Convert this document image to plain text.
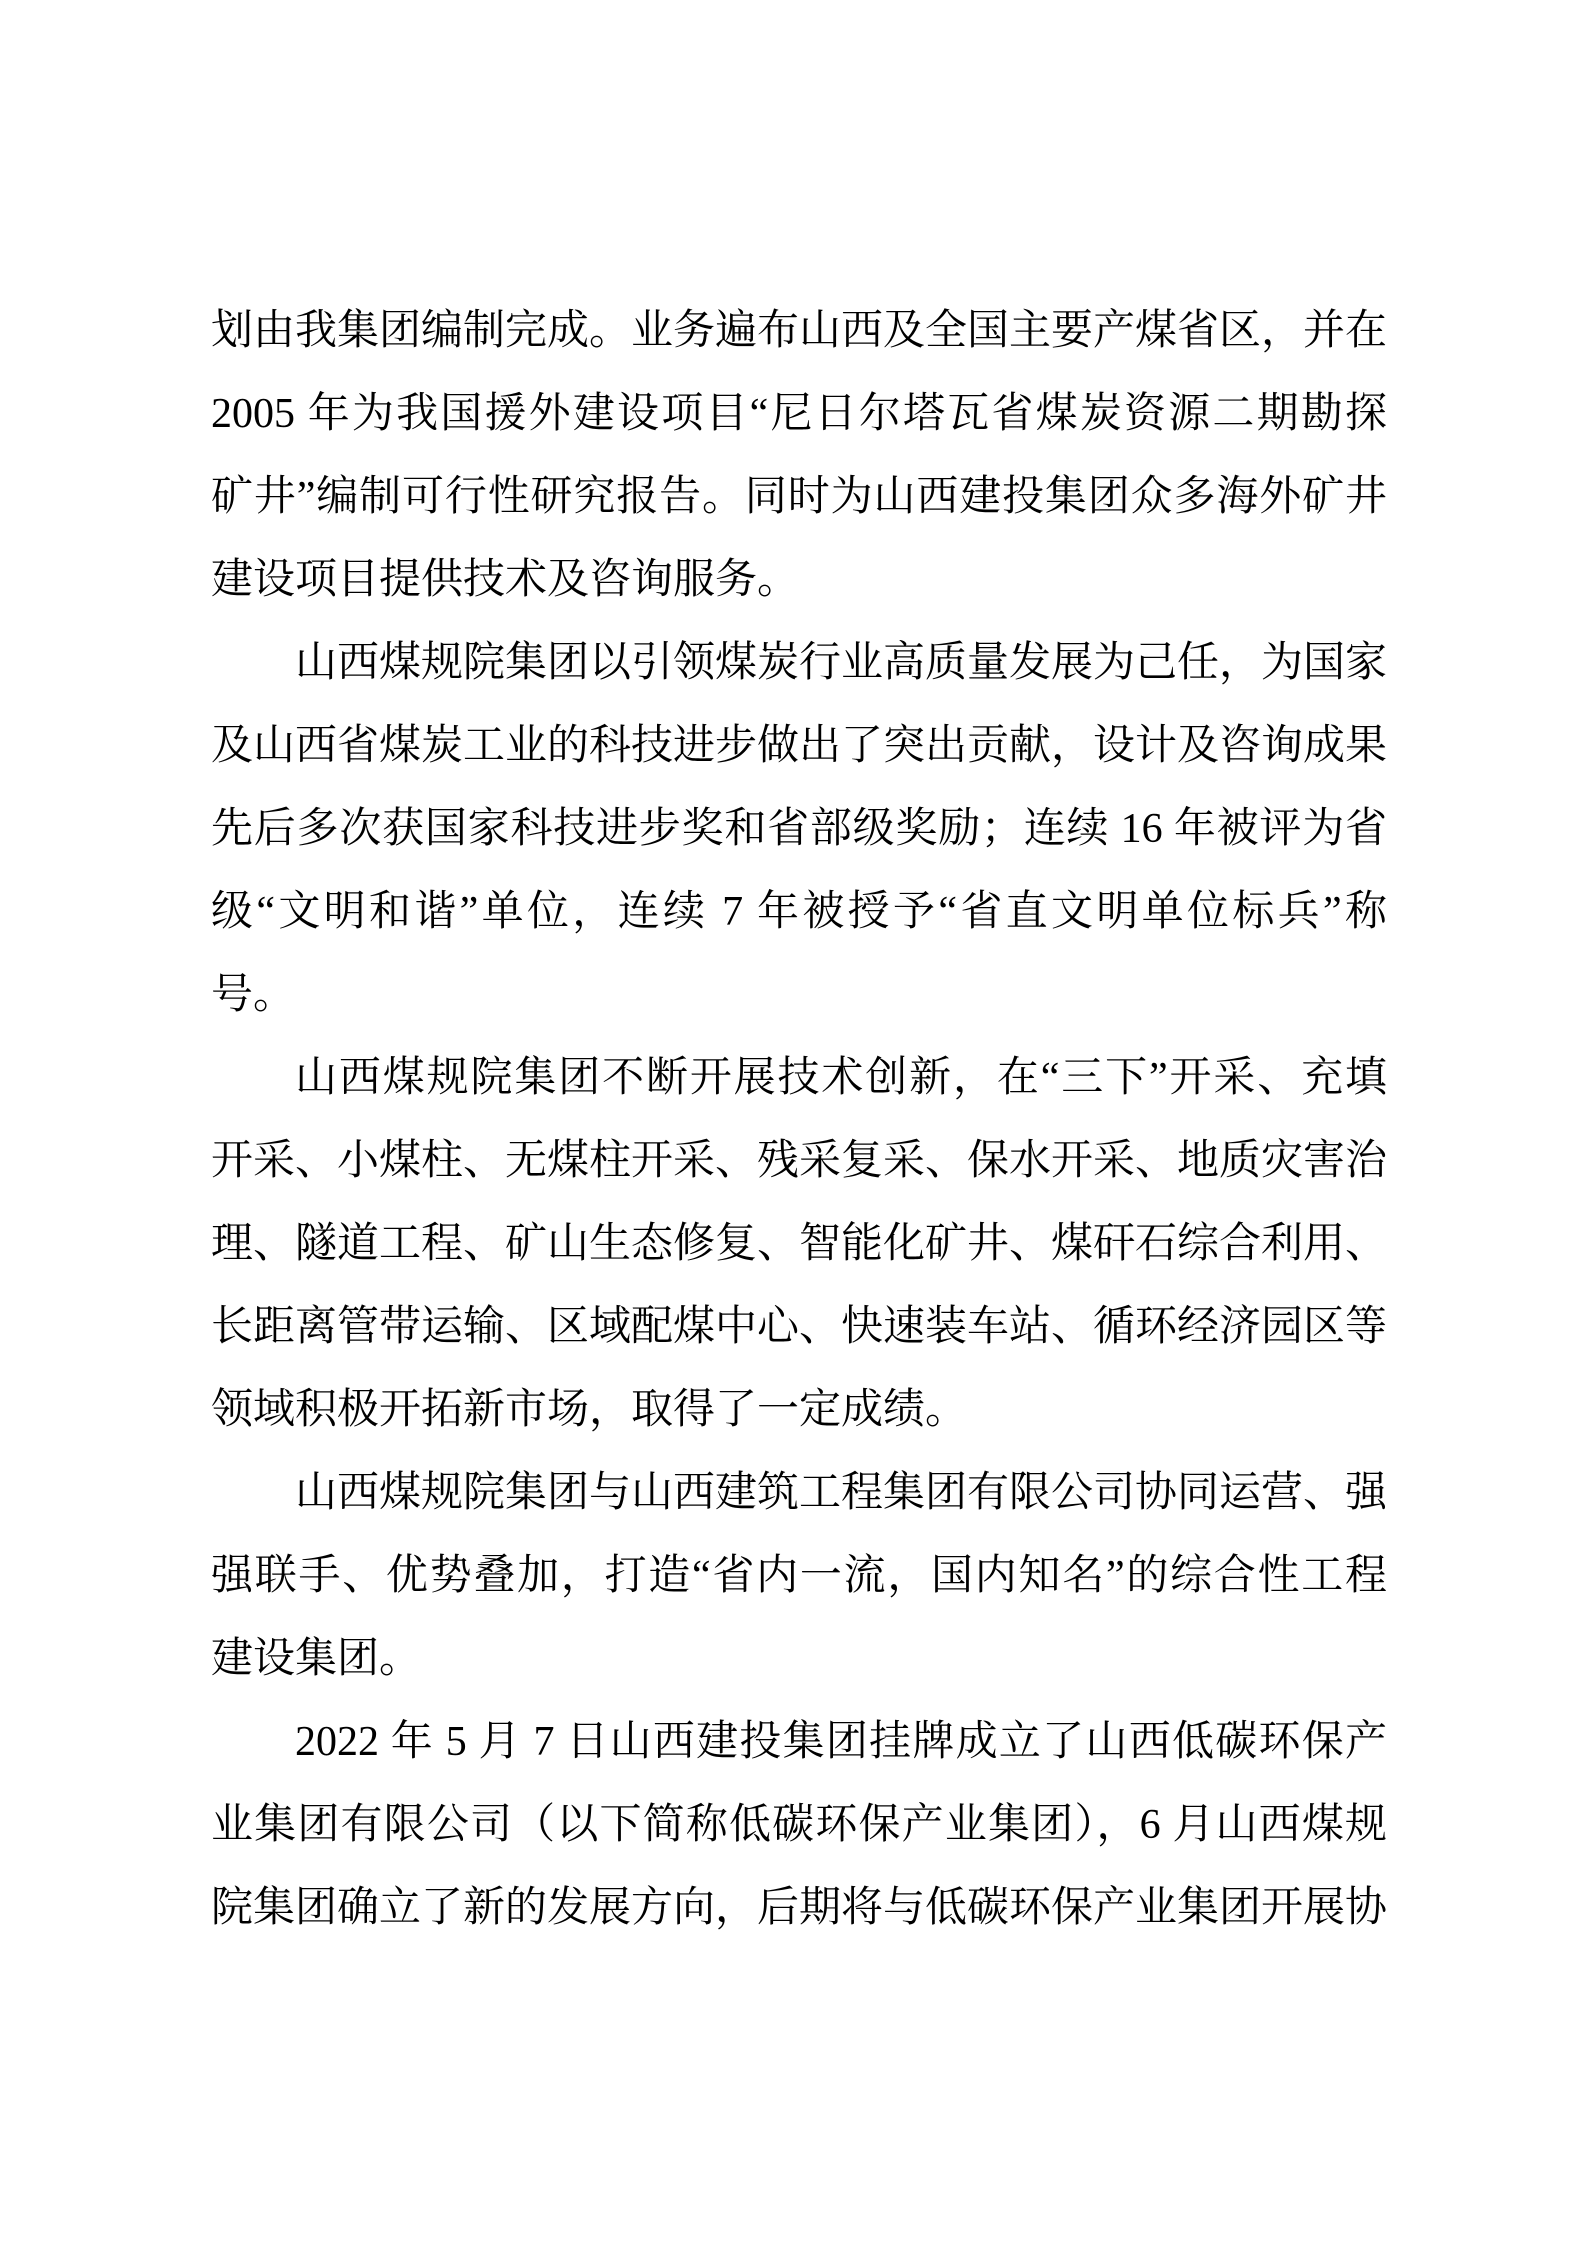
划由我集团编制完成。业务遍布山西及全国主要产煤省区，并在
2005 年为我国援外建设项目“尼日尔塔瓦省煤炭资源二期勘探
矿井”编制可行性研究报告。同时为山西建投集团众多海外矿井
建设项目提供技术及咨询服务。
山西煤规院集团以引领煤炭行业高质量发展为己任，为国家
及山西省煤炭工业的科技进步做出了突出贡献，设计及咨询成果
先后多次获国家科技进步奖和省部级奖励；连续 16 年被评为省
级“文明和谐”单位，连续 7 年被授予“省直文明单位标兵”称
号。
山西煤规院集团不断开展技术创新，在“三下”开采、充填
开采、小煤柱、无煤柱开采、残采复采、保水开采、地质灾害治
理、隧道工程、矿山生态修复、智能化矿井、煤矸石综合利用、
长距离管带运输、区域配煤中心、快速装车站、循环经济园区等
领域积极开拓新市场，取得了一定成绩。
山西煤规院集团与山西建筑工程集团有限公司协同运营、强
强联手、优势叠加，打造“省内一流，国内知名”的综合性工程
建设集团。
2022 年 5 月 7 日山西建投集团挂牌成立了山西低碳环保产
业集团有限公司（以下简称低碳环保产业集团），6 月山西煤规
院集团确立了新的发展方向，后期将与低碳环保产业集团开展协
